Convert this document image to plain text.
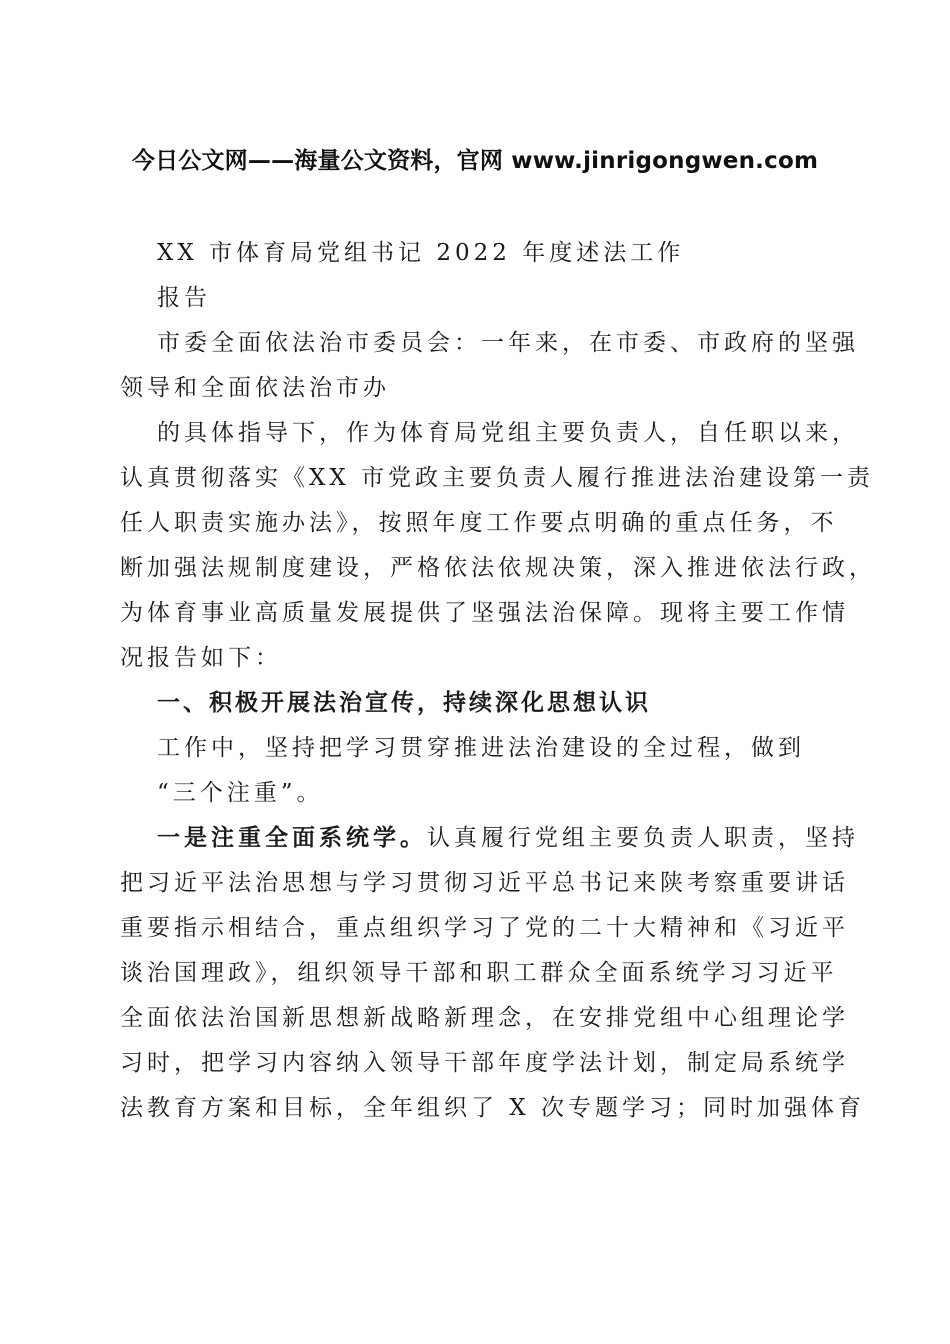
今日公文网——海量公文资料，官网 www.jinrigongwen.com
XX 市体育局党组书记 2022 年度述法工作
报告
市委全面依法治市委员会：一年来，在市委、市政府的坚强
领导和全面依法治市办
的具体指导下，作为体育局党组主要负责人，自任职以来，
认真贯彻落实《XX 市党政主要负责人履行推进法治建设第一责
任人职责实施办法》，按照年度工作要点明确的重点任务，不
断加强法规制度建设，严格依法依规决策，深入推进依法行政，
为体育事业高质量发展提供了坚强法治保障。现将主要工作情
况报告如下：
一、积极开展法治宣传，持续深化思想认识
工作中，坚持把学习贯穿推进法治建设的全过程，做到
“三个注重”。
一是注重全面系统学。认真履行党组主要负责人职责，坚持
把习近平法治思想与学习贯彻习近平总书记来陕考察重要讲话
重要指示相结合，重点组织学习了党的二十大精神和《习近平
谈治国理政》，组织领导干部和职工群众全面系统学习习近平
全面依法治国新思想新战略新理念，在安排党组中心组理论学
习时，把学习内容纳入领导干部年度学法计划，制定局系统学
法教育方案和目标，全年组织了 X 次专题学习；同时加强体育
